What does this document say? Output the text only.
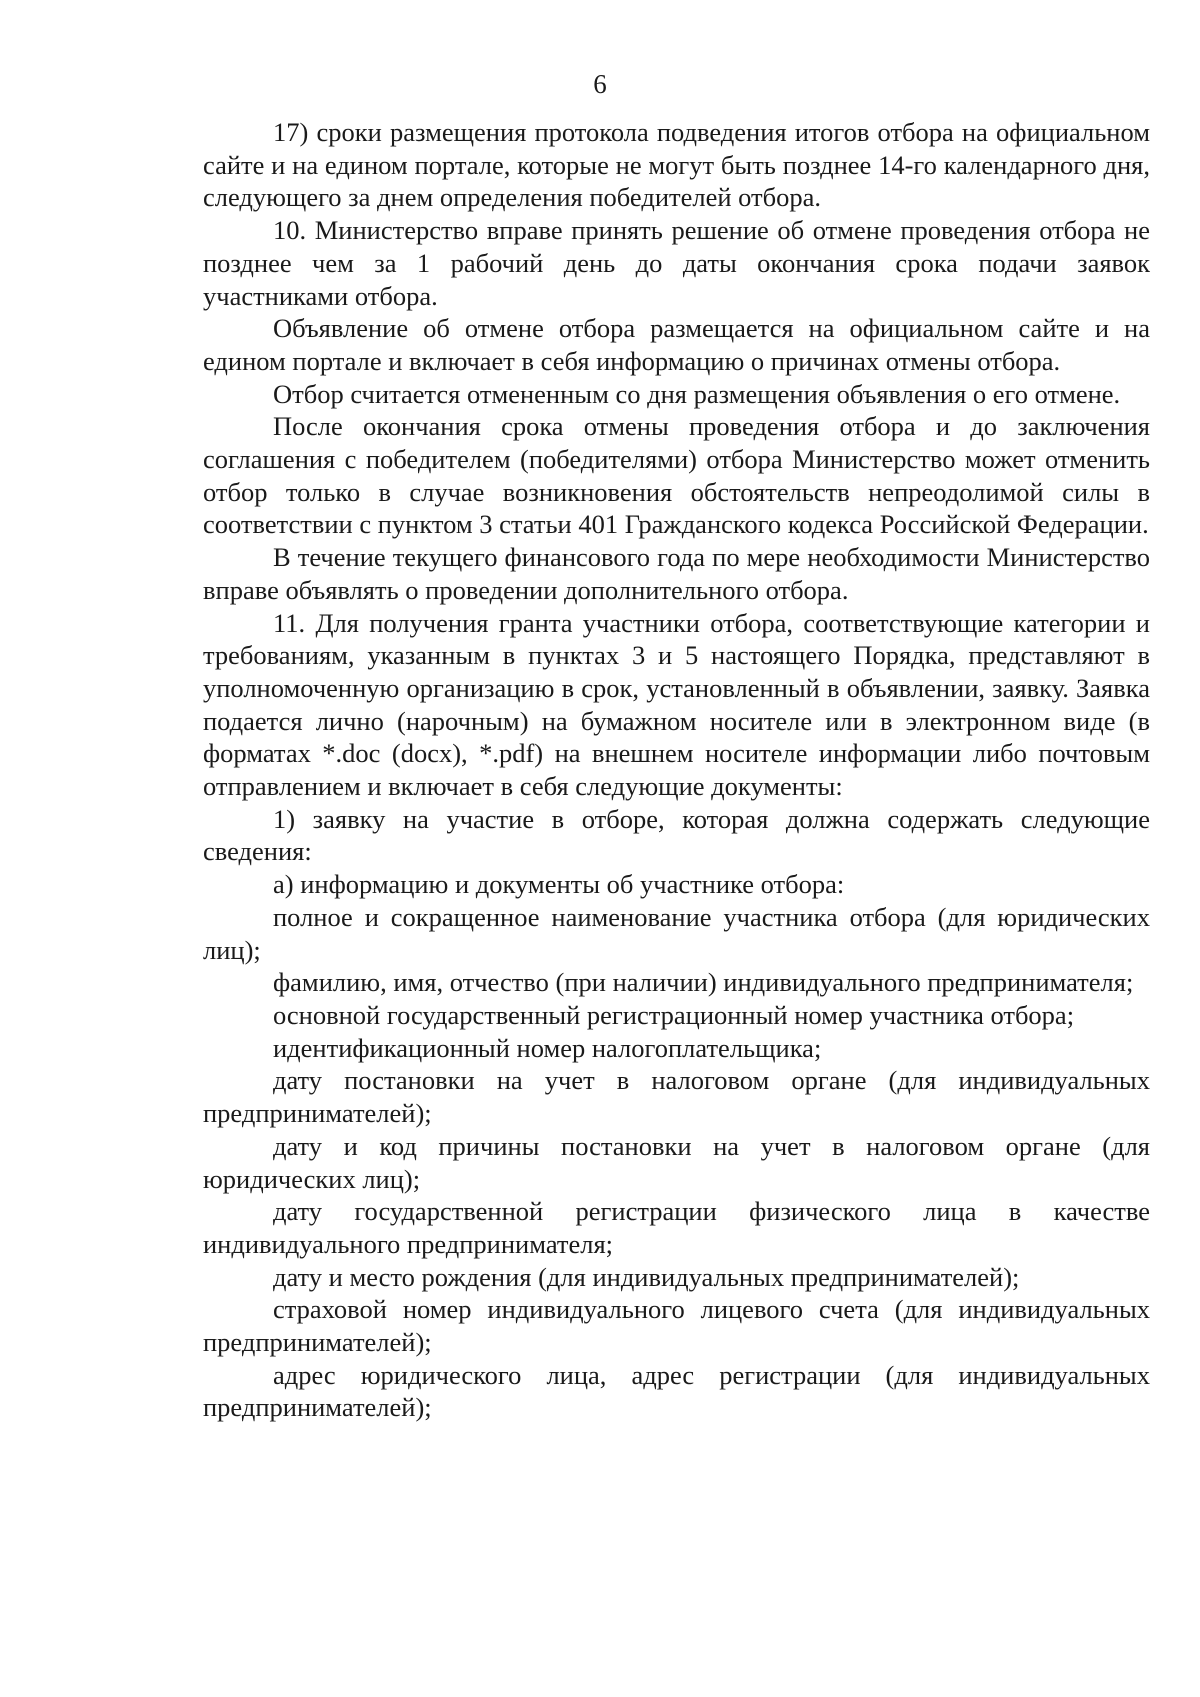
6

17) сроки размещения протокола подведения итогов отбора на официальном сайте и на едином портале, которые не могут быть позднее 14-го календарного дня, следующего за днем определения победителей отбора.

10. Министерство вправе принять решение об отмене проведения отбора не позднее чем за 1 рабочий день до даты окончания срока подачи заявок участниками отбора.

Объявление об отмене отбора размещается на официальном сайте и на едином портале и включает в себя информацию о причинах отмены отбора.

Отбор считается отмененным со дня размещения объявления о его отмене.

После окончания срока отмены проведения отбора и до заключения соглашения с победителем (победителями) отбора Министерство может отменить отбор только в случае возникновения обстоятельств непреодолимой силы в соответствии с пунктом 3 статьи 401 Гражданского кодекса Российской Федерации.

В течение текущего финансового года по мере необходимости Министерство вправе объявлять о проведении дополнительного отбора.

11. Для получения гранта участники отбора, соответствующие категории и требованиям, указанным в пунктах 3 и 5 настоящего Порядка, представляют в уполномоченную организацию в срок, установленный в объявлении, заявку. Заявка подается лично (нарочным) на бумажном носителе или в электронном виде (в форматах *.doc (docx), *.pdf) на внешнем носителе информации либо почтовым отправлением и включает в себя следующие документы:

1) заявку на участие в отборе, которая должна содержать следующие сведения:

а) информацию и документы об участнике отбора:

полное и сокращенное наименование участника отбора (для юридических лиц);

фамилию, имя, отчество (при наличии) индивидуального предпринимателя;

основной государственный регистрационный номер участника отбора;

идентификационный номер налогоплательщика;

дату постановки на учет в налоговом органе (для индивидуальных предпринимателей);

дату и код причины постановки на учет в налоговом органе (для юридических лиц);

дату государственной регистрации физического лица в качестве индивидуального предпринимателя;

дату и место рождения (для индивидуальных предпринимателей);

страховой номер индивидуального лицевого счета (для индивидуальных предпринимателей);

адрес юридического лица, адрес регистрации (для индивидуальных предпринимателей);
